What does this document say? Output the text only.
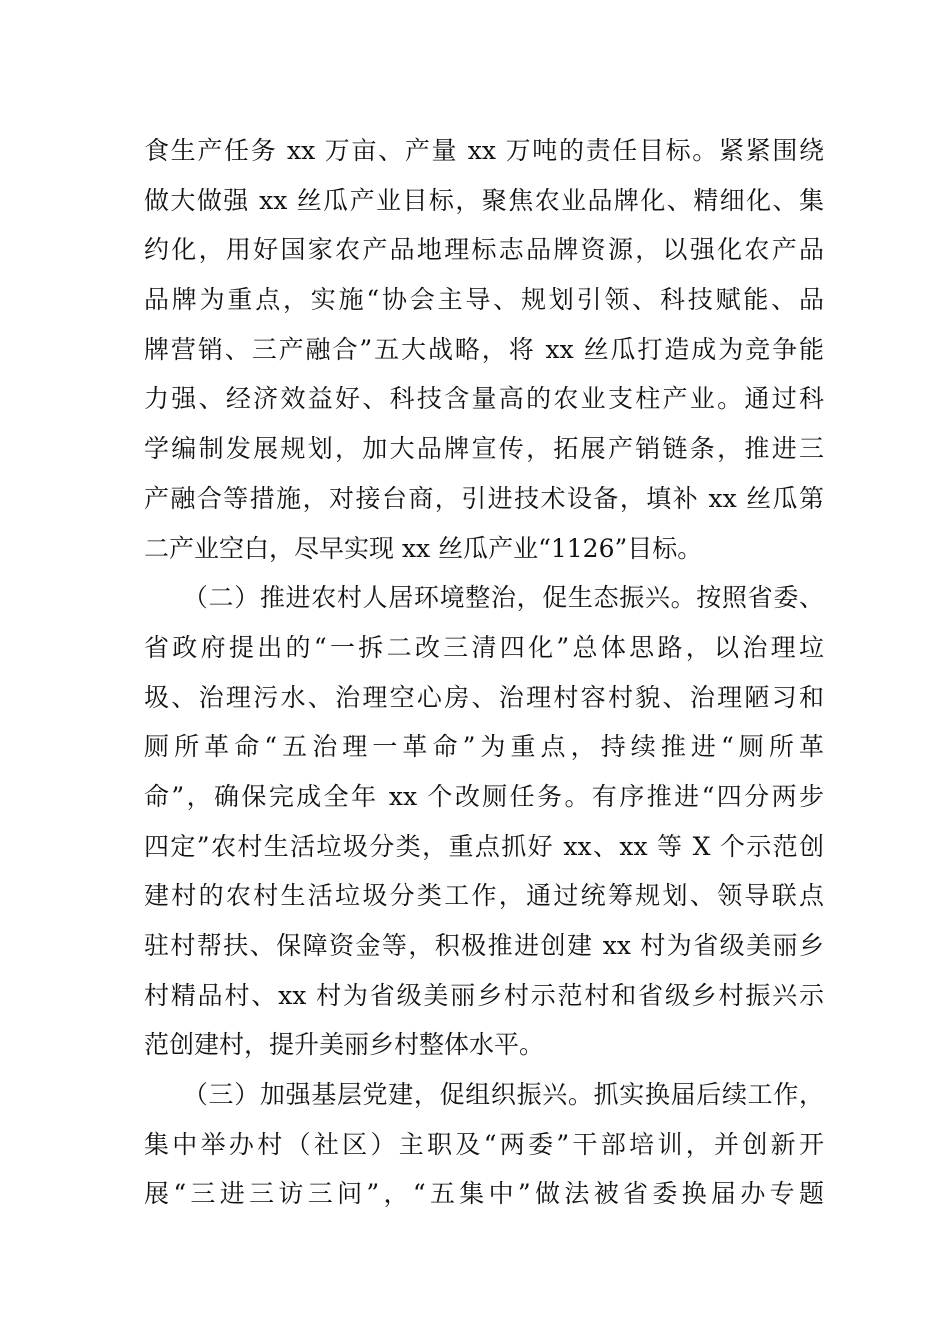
食生产任务 xx 万亩、产量 xx 万吨的责任目标。紧紧围绕
做大做强 xx 丝瓜产业目标，聚焦农业品牌化、精细化、集
约化，用好国家农产品地理标志品牌资源，以强化农产品
品牌为重点，实施“协会主导、规划引领、科技赋能、品
牌营销、三产融合”五大战略，将 xx 丝瓜打造成为竞争能
力强、经济效益好、科技含量高的农业支柱产业。通过科
学编制发展规划，加大品牌宣传，拓展产销链条，推进三
产融合等措施，对接台商，引进技术设备，填补 xx 丝瓜第
二产业空白，尽早实现 xx 丝瓜产业“1126”目标。
　　（二）推进农村人居环境整治，促生态振兴。按照省委、
省政府提出的“一拆二改三清四化”总体思路，以治理垃
圾、治理污水、治理空心房、治理村容村貌、治理陋习和
厕所革命“五治理一革命”为重点，持续推进“厕所革
命”，确保完成全年 xx 个改厕任务。有序推进“四分两步
四定”农村生活垃圾分类，重点抓好 xx、xx 等 X 个示范创
建村的农村生活垃圾分类工作，通过统筹规划、领导联点
驻村帮扶、保障资金等，积极推进创建 xx 村为省级美丽乡
村精品村、xx 村为省级美丽乡村示范村和省级乡村振兴示
范创建村，提升美丽乡村整体水平。
　　（三）加强基层党建，促组织振兴。抓实换届后续工作，
集中举办村（社区）主职及“两委”干部培训，并创新开
展“三进三访三问”，“五集中”做法被省委换届办专题
